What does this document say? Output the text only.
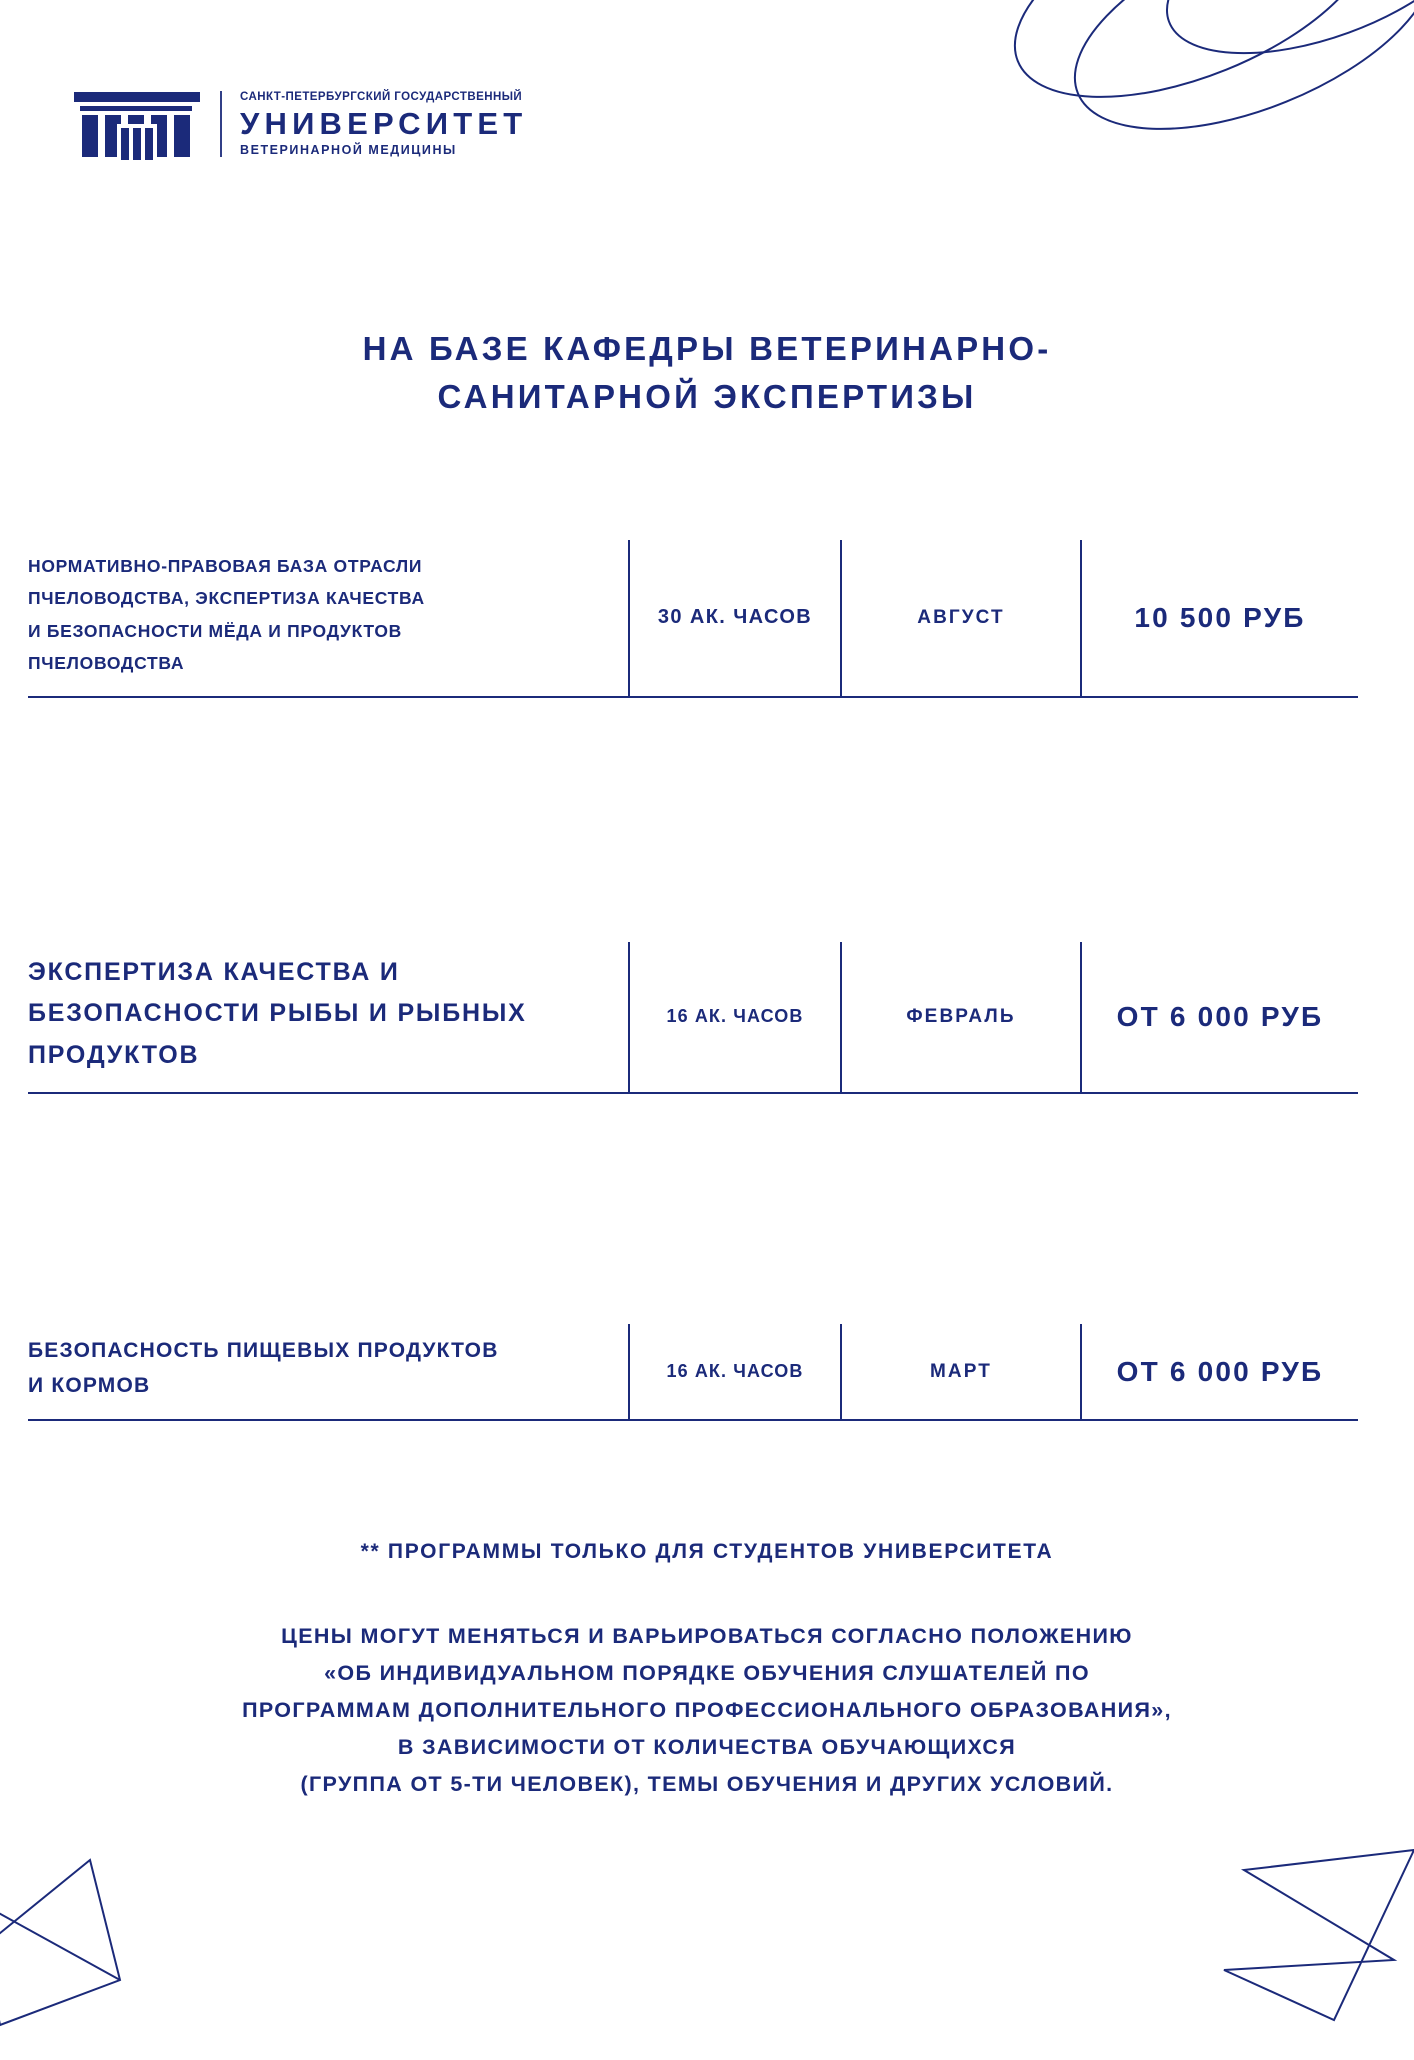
САНКТ-ПЕТЕРБУРГСКИЙ ГОСУДАРСТВЕННЫЙ
УНИВЕРСИТЕТ
ВЕТЕРИНАРНОЙ МЕДИЦИНЫ
НА БАЗЕ КАФЕДРЫ ВЕТЕРИНАРНО-
САНИТАРНОЙ ЭКСПЕРТИЗЫ
НОРМАТИВНО-ПРАВОВАЯ БАЗА ОТРАСЛИ
ПЧЕЛОВОДСТВА, ЭКСПЕРТИЗА КАЧЕСТВА
И БЕЗОПАСНОСТИ МЁДА И ПРОДУКТОВ
ПЧЕЛОВОДСТВА
30 АК. ЧАСОВ	АВГУСТ	10 500 РУБ
ЭКСПЕРТИЗА КАЧЕСТВА И
БЕЗОПАСНОСТИ РЫБЫ И РЫБНЫХ
ПРОДУКТОВ
16 АК. ЧАСОВ	ФЕВРАЛЬ	ОТ 6 000 РУБ
БЕЗОПАСНОСТЬ ПИЩЕВЫХ ПРОДУКТОВ
И КОРМОВ
16 АК. ЧАСОВ	МАРТ	ОТ 6 000 РУБ
** ПРОГРАММЫ ТОЛЬКО ДЛЯ СТУДЕНТОВ УНИВЕРСИТЕТА
ЦЕНЫ МОГУТ МЕНЯТЬСЯ И ВАРЬИРОВАТЬСЯ СОГЛАСНО ПОЛОЖЕНИЮ
«ОБ ИНДИВИДУАЛЬНОМ ПОРЯДКЕ ОБУЧЕНИЯ СЛУШАТЕЛЕЙ ПО
ПРОГРАММАМ ДОПОЛНИТЕЛЬНОГО ПРОФЕССИОНАЛЬНОГО ОБРАЗОВАНИЯ»,
В ЗАВИСИМОСТИ ОТ КОЛИЧЕСТВА ОБУЧАЮЩИХСЯ
(ГРУППА ОТ 5-ТИ ЧЕЛОВЕК), ТЕМЫ ОБУЧЕНИЯ И ДРУГИХ УСЛОВИЙ.
